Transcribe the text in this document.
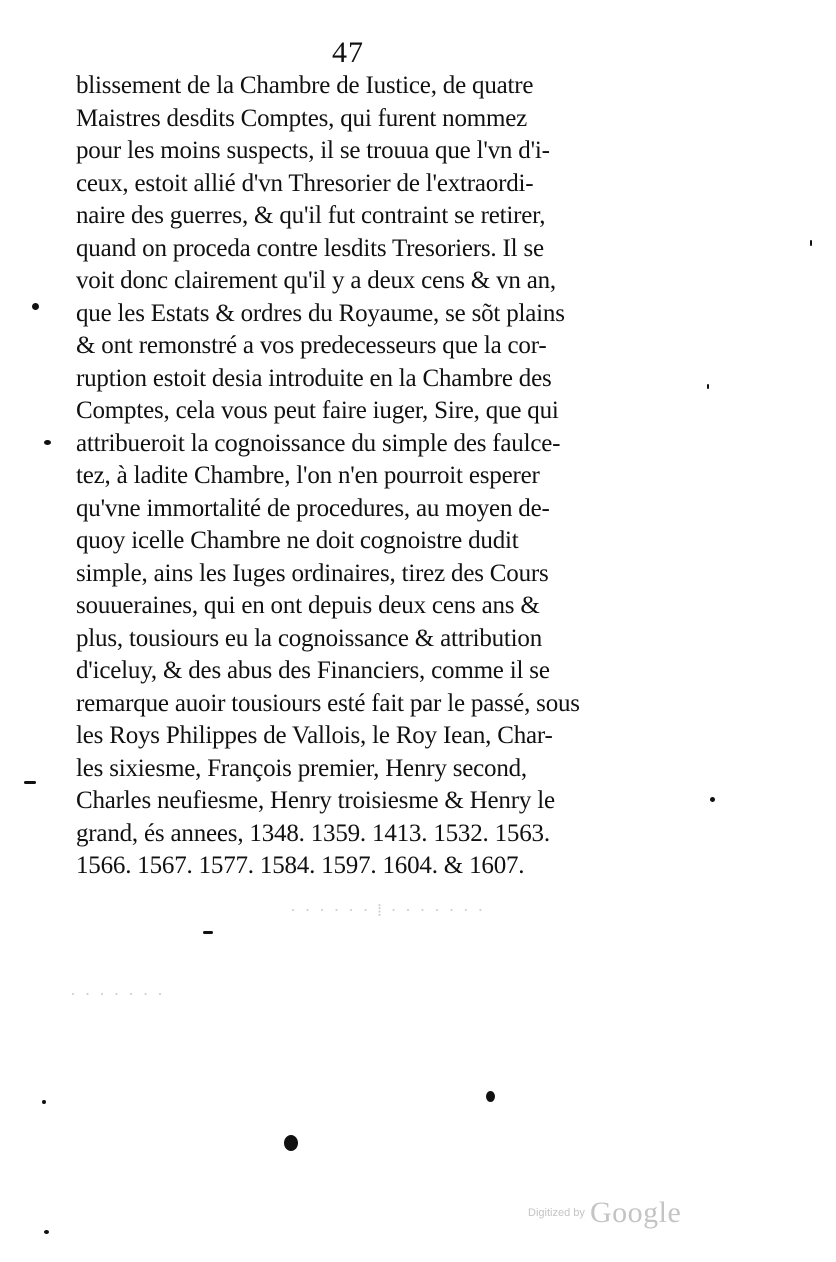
47
blissement de la Chambre de Iustice, de quatre
Maistres desdits Comptes, qui furent nommez
pour les moins suspects, il se trouua que l'vn d'i-
ceux, estoit allié d'vn Thresorier de l'extraordi-
naire des guerres, & qu'il fut contraint se retirer,
quand on proceda contre lesdits Tresoriers. Il se
voit donc clairement qu'il y a deux cens & vn an,
que les Estats & ordres du Royaume, se sõt plains
& ont remonstré a vos predecesseurs que la cor-
ruption estoit desia introduite en la Chambre des
Comptes, cela vous peut faire iuger, Sire, que qui
attribueroit la cognoissance du simple des faulce-
tez, à ladite Chambre, l'on n'en pourroit esperer
qu'vne immortalité de procedures, au moyen de-
quoy icelle Chambre ne doit cognoistre dudit
simple, ains les Iuges ordinaires, tirez des Cours
souueraines, qui en ont depuis deux cens ans &
plus, tousiours eu la cognoissance & attribution
d'iceluy, & des abus des Financiers, comme il se
remarque auoir tousiours esté fait par le passé, sous
les Roys Philippes de Vallois, le Roy Iean, Char-
les sixiesme, François premier, Henry second,
Charles neufiesme, Henry troisiesme & Henry le
grand, és annees, 1348. 1359. 1413. 1532. 1563.
1566. 1567. 1577. 1584. 1597. 1604. & 1607.
· · · · · · ⁞ · · · · · · ·
· · · · · · ·
Digitized by Google
